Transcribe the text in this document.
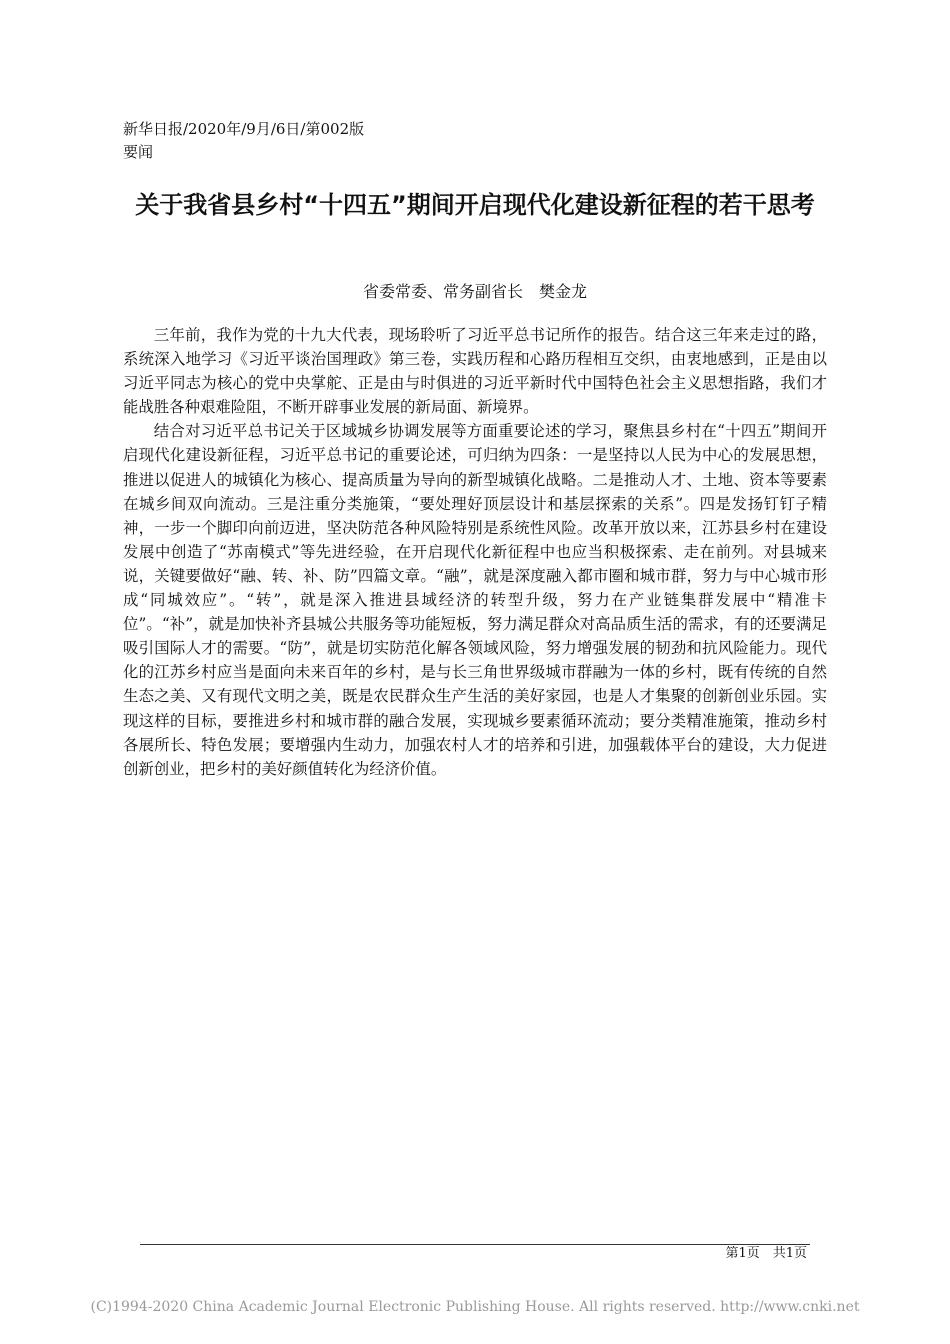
新华日报/2020年/9月/6日/第002版
要闻
关于我省县乡村“十四五”期间开启现代化建设新征程的若干思考
省委常委、常务副省长　樊金龙

三年前，我作为党的十九大代表，现场聆听了习近平总书记所作的报告。结合这三年来走过的路，系统深入地学习《习近平谈治国理政》第三卷，实践历程和心路历程相互交织，由衷地感到，正是由以习近平同志为核心的党中央掌舵、正是由与时俱进的习近平新时代中国特色社会主义思想指路，我们才能战胜各种艰难险阻，不断开辟事业发展的新局面、新境界。

结合对习近平总书记关于区域城乡协调发展等方面重要论述的学习，聚焦县乡村在“十四五”期间开启现代化建设新征程，习近平总书记的重要论述，可归纳为四条：一是坚持以人民为中心的发展思想，推进以促进人的城镇化为核心、提高质量为导向的新型城镇化战略。二是推动人才、土地、资本等要素在城乡间双向流动。三是注重分类施策，“要处理好顶层设计和基层探索的关系”。四是发扬钉钉子精神，一步一个脚印向前迈进，坚决防范各种风险特别是系统性风险。改革开放以来，江苏县乡村在建设发展中创造了“苏南模式”等先进经验，在开启现代化新征程中也应当积极探索、走在前列。对县城来说，关键要做好“融、转、补、防”四篇文章。“融”，就是深度融入都市圈和城市群，努力与中心城市形成“同城效应”。“转”，就是深入推进县域经济的转型升级，努力在产业链集群发展中“精准卡位”。“补”，就是加快补齐县城公共服务等功能短板，努力满足群众对高品质生活的需求，有的还要满足吸引国际人才的需要。“防”，就是切实防范化解各领域风险，努力增强发展的韧劲和抗风险能力。现代化的江苏乡村应当是面向未来百年的乡村，是与长三角世界级城市群融为一体的乡村，既有传统的自然生态之美、又有现代文明之美，既是农民群众生产生活的美好家园，也是人才集聚的创新创业乐园。实现这样的目标，要推进乡村和城市群的融合发展，实现城乡要素循环流动；要分类精准施策，推动乡村各展所长、特色发展；要增强内生动力，加强农村人才的培养和引进，加强载体平台的建设，大力促进创新创业，把乡村的美好颜值转化为经济价值。

第1页　共1页
(C)1994-2020 China Academic Journal Electronic Publishing House. All rights reserved. http://www.cnki.net
